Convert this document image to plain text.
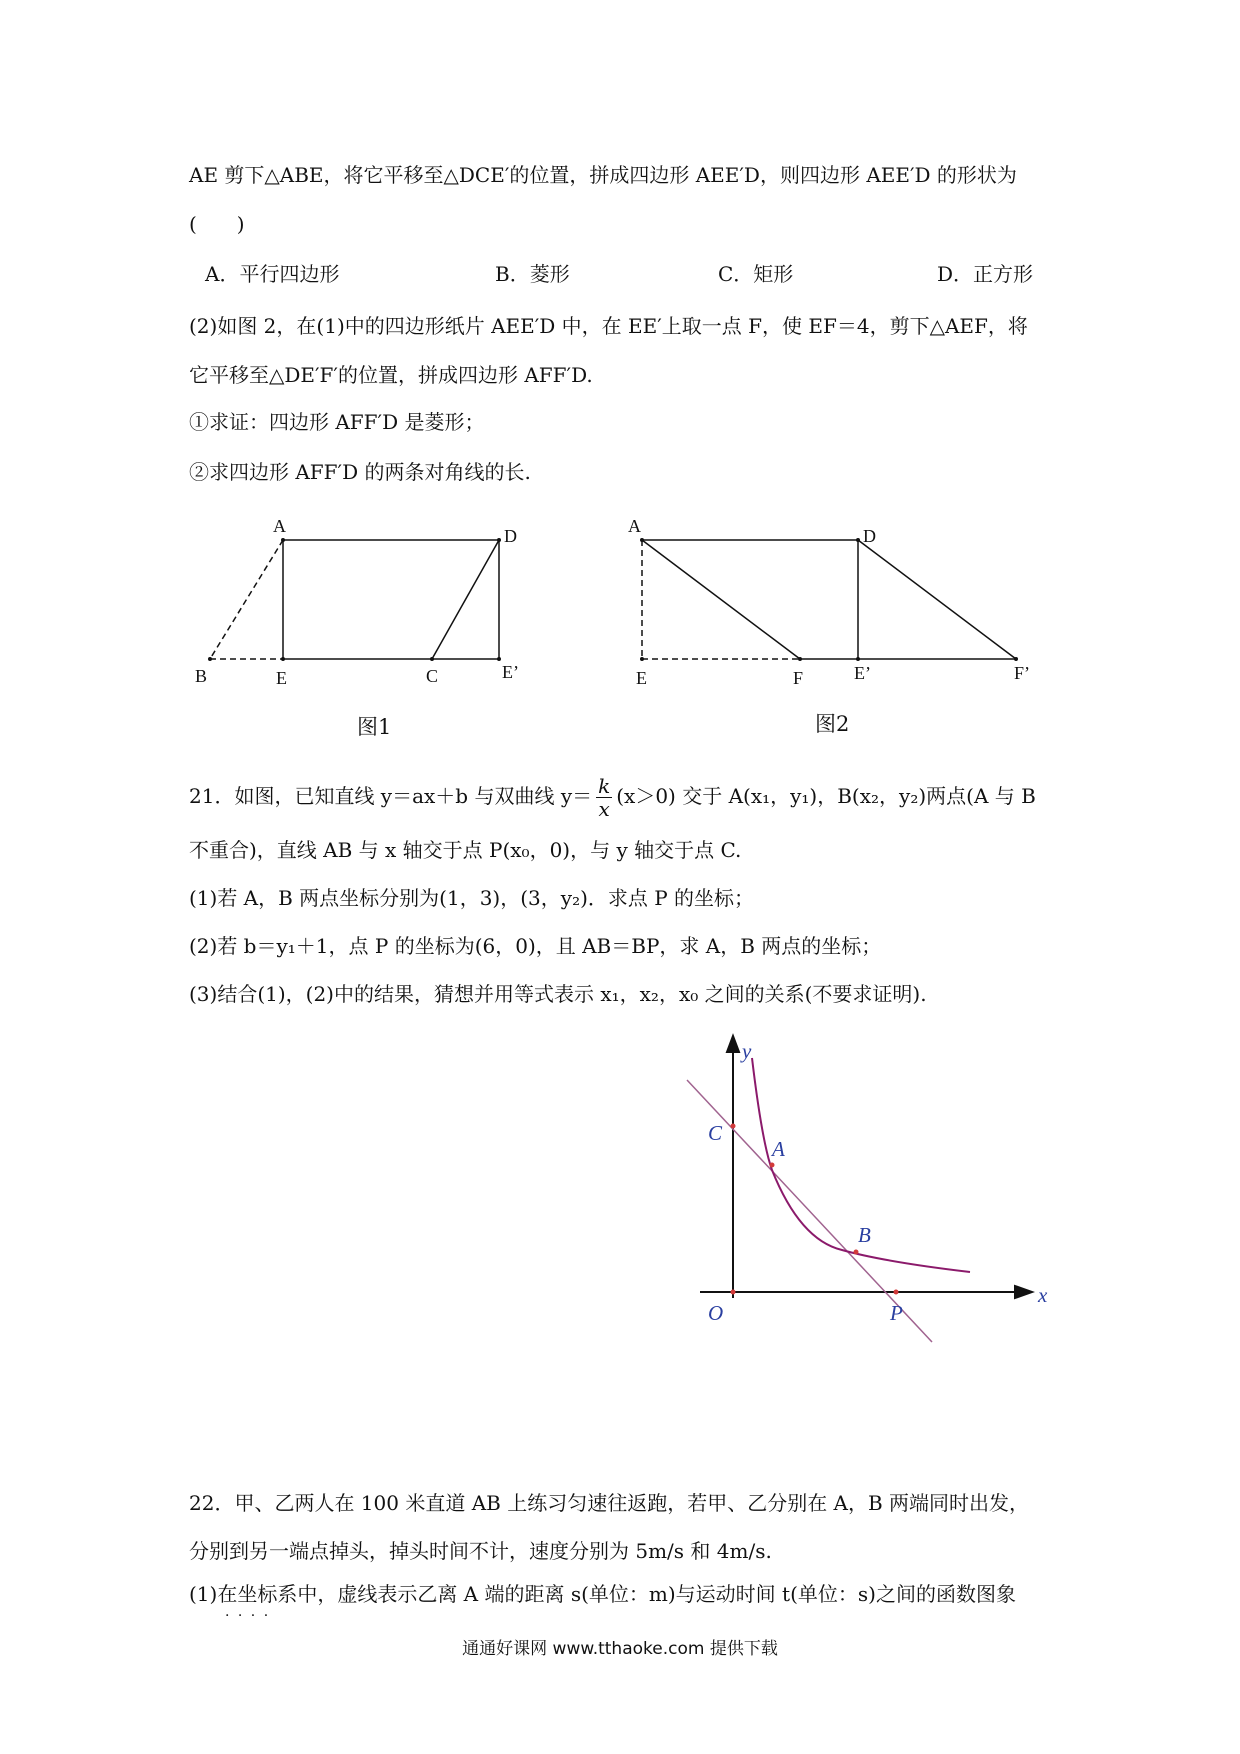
AE 剪下△ABE，将它平移至△DCE′的位置，拼成四边形 AEE′D，则四边形 AEE′D 的形状为
(　　)
A．平行四边形	B．菱形	C．矩形	D．正方形
(2)如图 2，在(1)中的四边形纸片 AEE′D 中，在 EE′上取一点 F，使 EF＝4，剪下△AEF，将
它平移至△DE′F′的位置，拼成四边形 AFF′D.
①求证：四边形 AFF′D 是菱形；
②求四边形 AFF′D 的两条对角线的长.
A	D
B	E	C	E’
图1
A	D
E	F	E’	F’
图2
21．如图，已知直线 y＝ax＋b 与双曲线 $y= \frac{k}{x} (x>0)$ 交于 A(x₁，y₁)，B(x₂，y₂)两点(A 与 B
不重合)，直线 AB 与 x 轴交于点 P(x₀，0)，与 y 轴交于点 C.
(1)若 A，B 两点坐标分别为(1，3)，(3，y₂)．求点 P 的坐标；
(2)若 b＝y₁＋1，点 P 的坐标为(6，0)，且 AB＝BP，求 A，B 两点的坐标；
(3)结合(1)，(2)中的结果，猜想并用等式表示 x₁，x₂，x₀ 之间的关系(不要求证明).
y
x
C
A
B
O	P
22．甲、乙两人在 100 米直道 AB 上练习匀速往返跑，若甲、乙分别在 A，B 两端同时出发，
分别到另一端点掉头，掉头时间不计，速度分别为 5m/s 和 4m/s.
(1)在坐标系中，虚线表示乙离 A 端的距离 s(单位：m)与运动时间 t(单位：s)之间的函数图象 · · · ·
通通好课网 www.tthaoke.com 提供下载
